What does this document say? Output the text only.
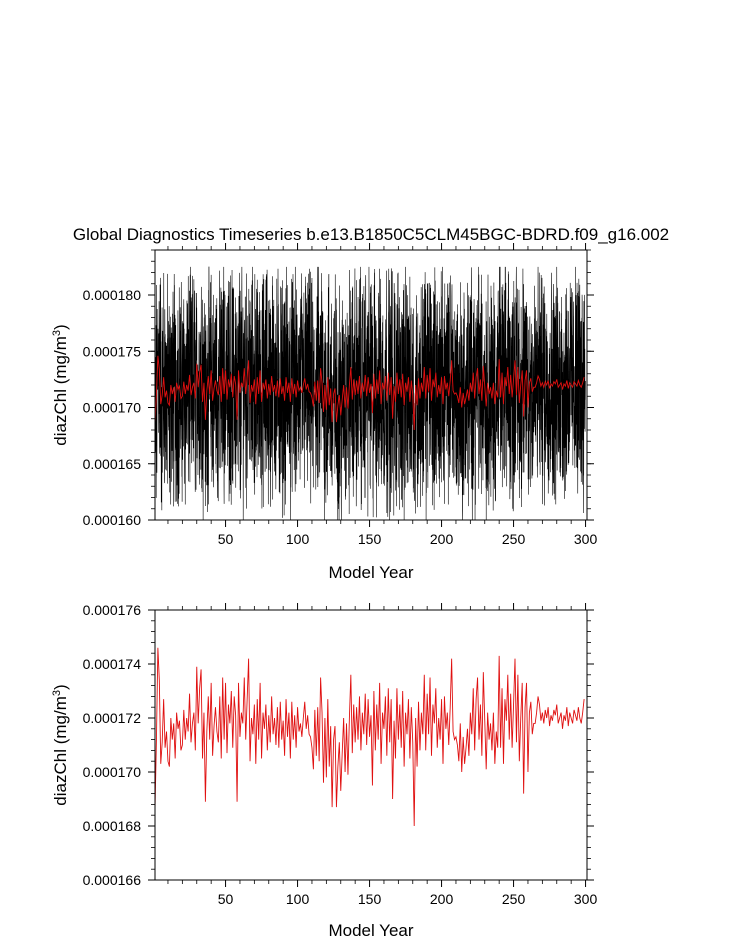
Global Diagnostics Timeseries b.e13.B1850C5CLM45BGC-BDRD.f09_g16.002
50	100	150	200	250	300
0.000160
0.000165
0.000170
0.000175
0.000180
Model Year
diazChl $(mg/m^3)$
50	100	150	200	250	300
0.000166
0.000168
0.000170
0.000172
0.000174
0.000176
Model Year
diazChl $(mg/m^3)$
